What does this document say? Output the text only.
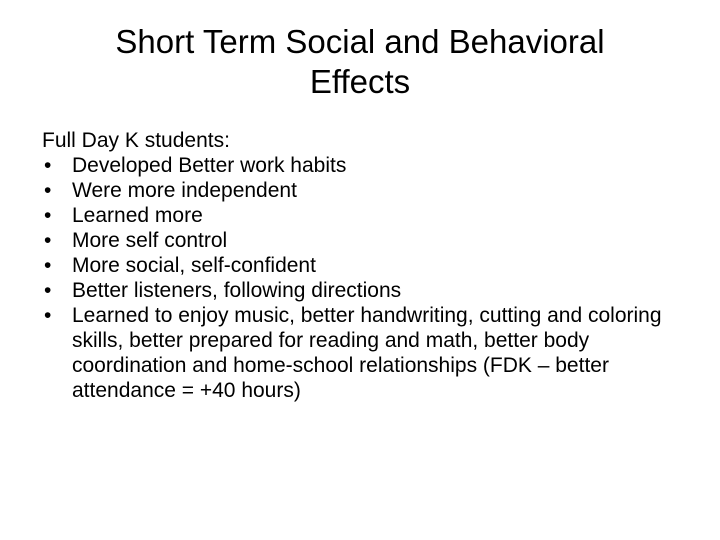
Short Term Social and Behavioral
Effects

Full Day K students:

• Developed Better work habits
• Were more independent
• Learned more
• More self control
• More social, self-confident
• Better listeners, following directions
• Learned to enjoy music, better handwriting, cutting and coloring skills, better prepared for reading and math, better body coordination and home-school relationships (FDK – better attendance = +40 hours)
